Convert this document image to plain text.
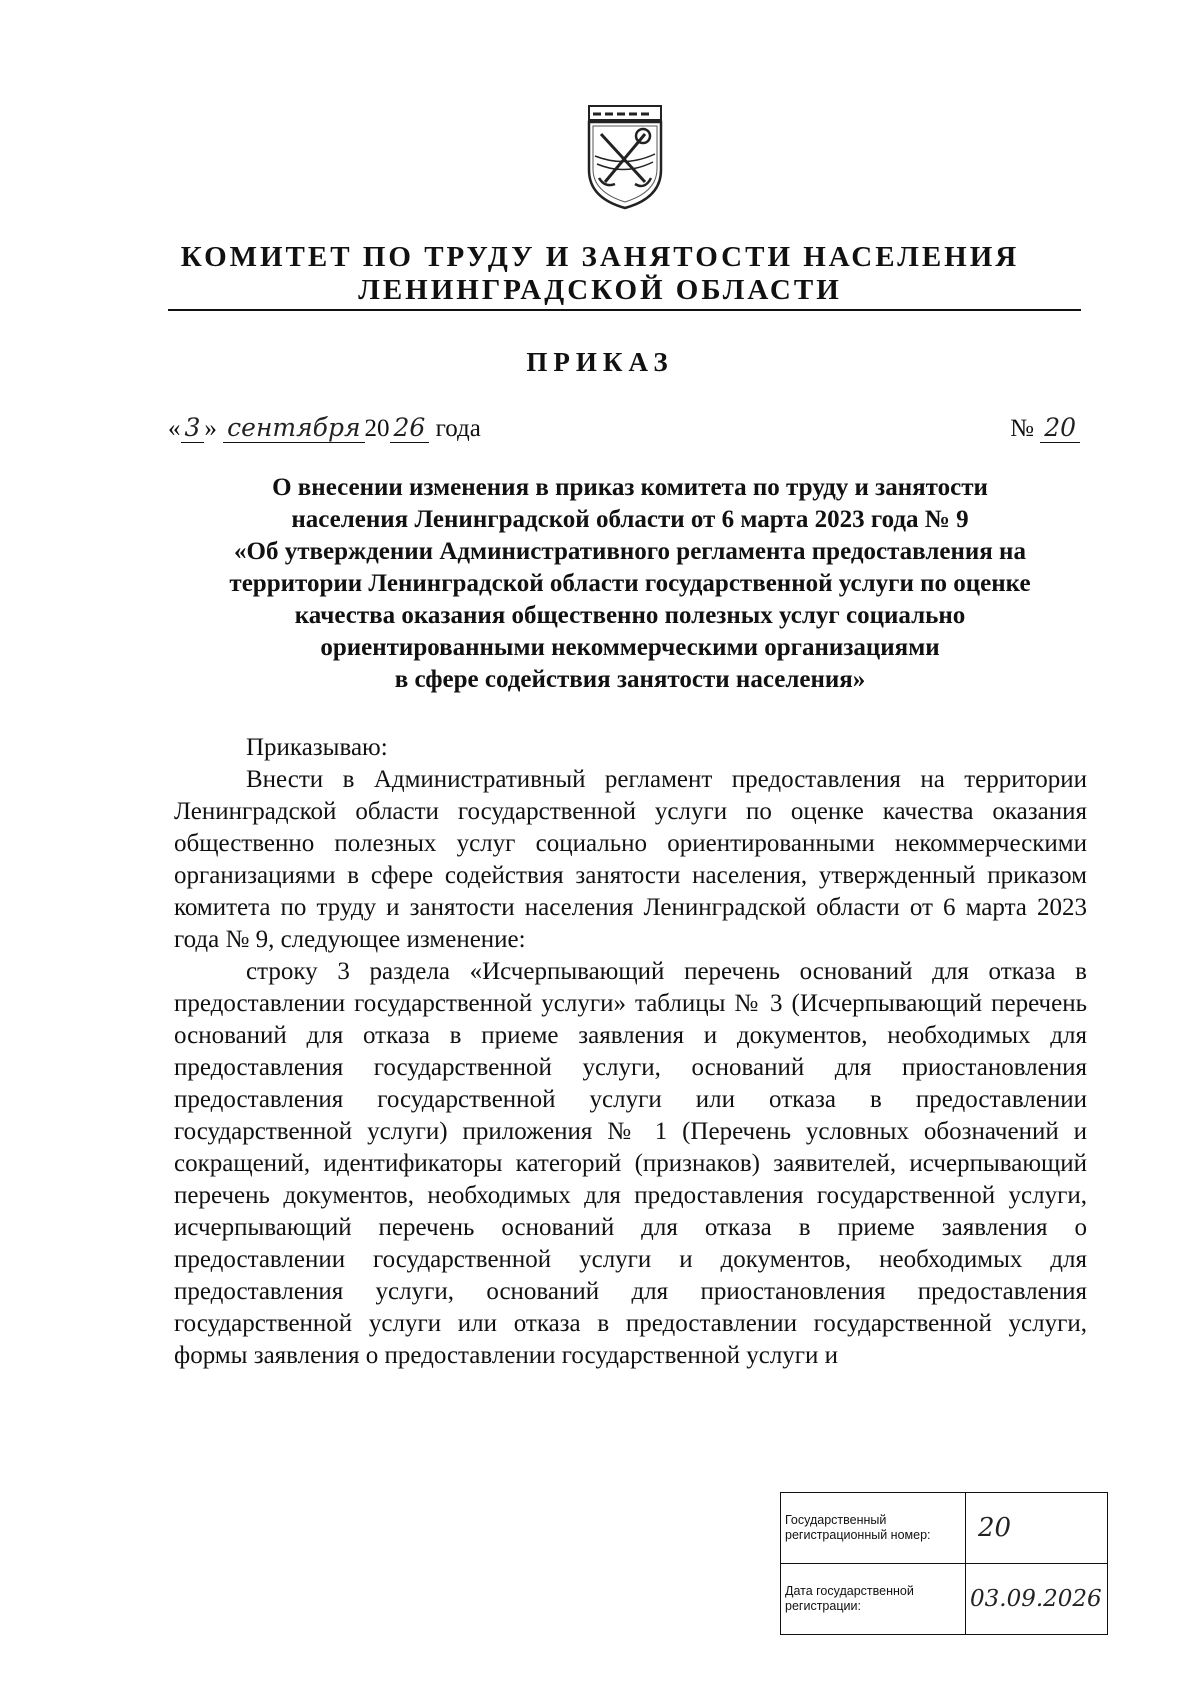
КОМИТЕТ ПО ТРУДУ И ЗАНЯТОСТИ НАСЕЛЕНИЯ
ЛЕНИНГРАДСКОЙ ОБЛАСТИ
ПРИКАЗ
« 3 » сентября 20 26 года	№ 20
О внесении изменения в приказ комитета по труду и занятости
населения Ленинградской области от 6 марта 2023 года № 9
«Об утверждении Административного регламента предоставления на
территории Ленинградской области государственной услуги по оценке
качества оказания общественно полезных услуг социально
ориентированными некоммерческими организациями
в сфере содействия занятости населения»

Приказываю:

Внести в Административный регламент предоставления на территории Ленинградской области государственной услуги по оценке качества оказания общественно полезных услуг социально ориентированными некоммерческими организациями в сфере содействия занятости населения, утвержденный приказом комитета по труду и занятости населения Ленинградской области от 6 марта 2023 года № 9, следующее изменение:

строку 3 раздела «Исчерпывающий перечень оснований для отказа в предоставлении государственной услуги» таблицы № 3 (Исчерпывающий перечень оснований для отказа в приеме заявления и документов, необходимых для предоставления государственной услуги, оснований для приостановления предоставления государственной услуги или отказа в предоставлении государственной услуги) приложения № 1 (Перечень условных обозначений и сокращений, идентификаторы категорий (признаков) заявителей, исчерпывающий перечень документов, необходимых для предоставления государственной услуги, исчерпывающий перечень оснований для отказа в приеме заявления о предоставлении государственной услуги и документов, необходимых для предоставления услуги, оснований для приостановления предоставления государственной услуги или отказа в предоставлении государственной услуги, формы заявления о предоставлении государственной услуги и

Государственный регистрационный номер:	20
Дата государственной регистрации:	03.09.2026
